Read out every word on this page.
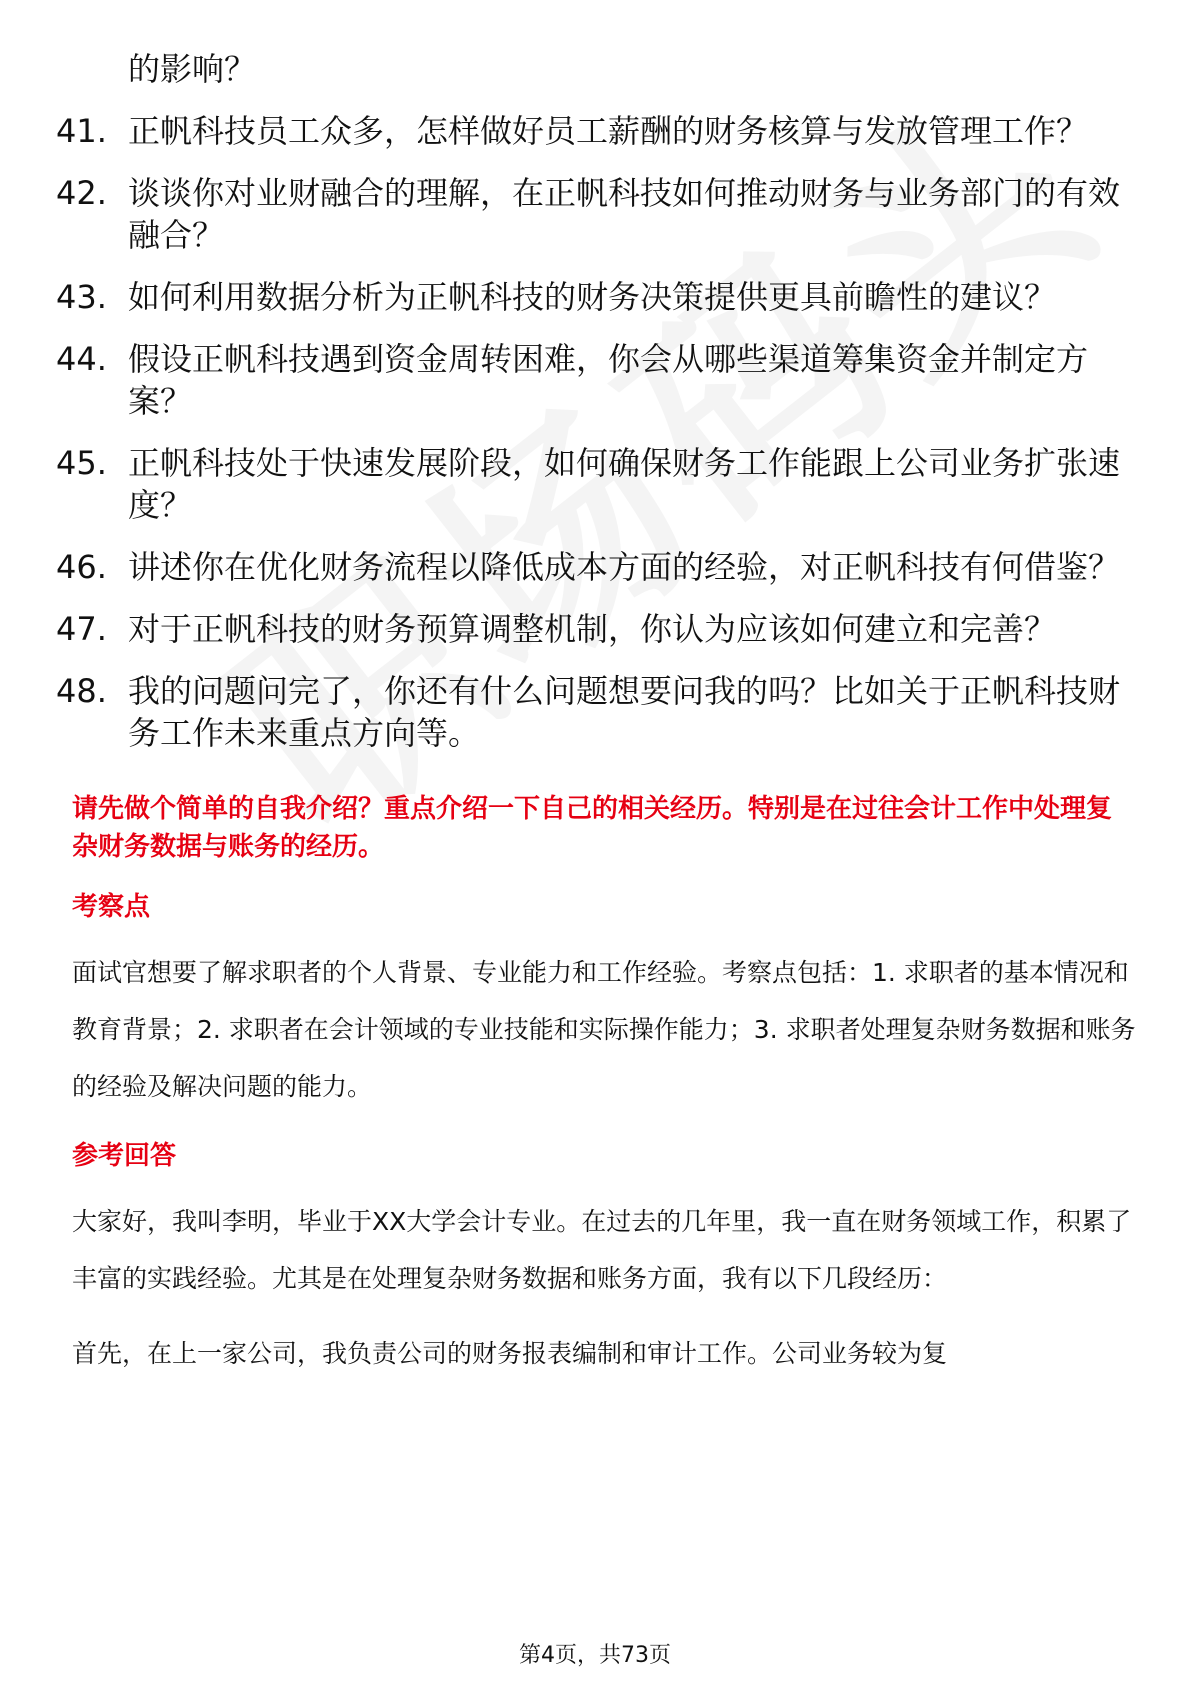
的影响？
41. 正帆科技员工众多，怎样做好员工薪酬的财务核算与发放管理工作？
42. 谈谈你对业财融合的理解，在正帆科技如何推动财务与业务部门的有效融合？
43. 如何利用数据分析为正帆科技的财务决策提供更具前瞻性的建议？
44. 假设正帆科技遇到资金周转困难，你会从哪些渠道筹集资金并制定方案？
45. 正帆科技处于快速发展阶段，如何确保财务工作能跟上公司业务扩张速度？
46. 讲述你在优化财务流程以降低成本方面的经验，对正帆科技有何借鉴？
47. 对于正帆科技的财务预算调整机制，你认为应该如何建立和完善？
48. 我的问题问完了，你还有什么问题想要问我的吗？比如关于正帆科技财务工作未来重点方向等。
请先做个简单的自我介绍？重点介绍一下自己的相关经历。特别是在过往会计工作中处理复杂财务数据与账务的经历。
考察点
面试官想要了解求职者的个人背景、专业能力和工作经验。考察点包括：1. 求职者的基本情况和教育背景；2. 求职者在会计领域的专业技能和实际操作能力；3. 求职者处理复杂财务数据和账务的经验及解决问题的能力。
参考回答
大家好，我叫李明，毕业于XX大学会计专业。在过去的几年里，我一直在财务领域工作，积累了丰富的实践经验。尤其是在处理复杂财务数据和账务方面，我有以下几段经历：
首先，在上一家公司，我负责公司的财务报表编制和审计工作。公司业务较为复
第4页，共73页
